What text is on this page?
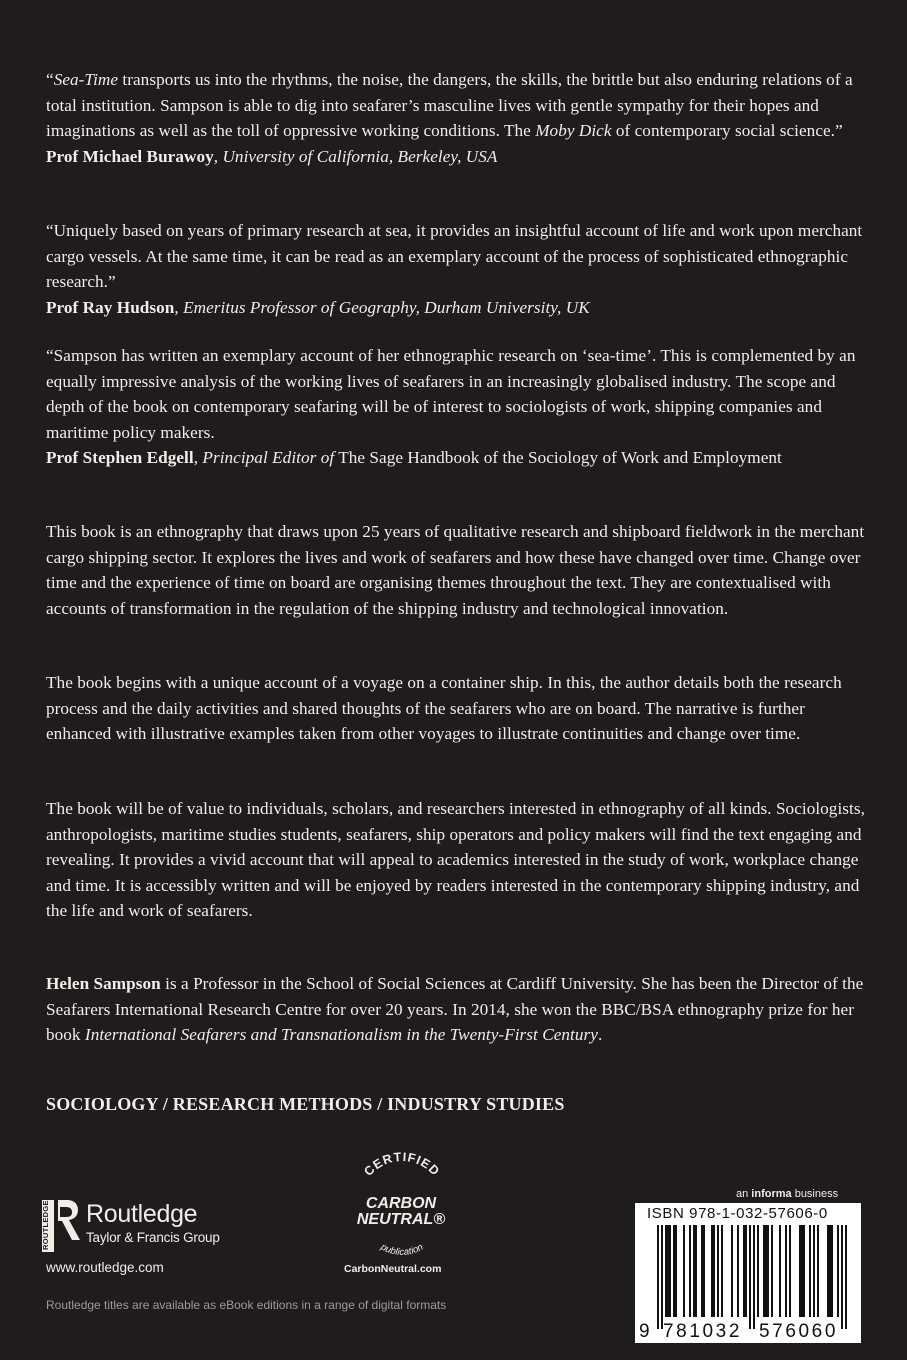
“Sea-Time transports us into the rhythms, the noise, the dangers, the skills, the brittle but also enduring relations of a total institution. Sampson is able to dig into seafarer’s masculine lives with gentle sympathy for their hopes and imaginations as well as the toll of oppressive working conditions. The Moby Dick of contemporary social science.”

Prof Michael Burawoy, University of California, Berkeley, USA

“Uniquely based on years of primary research at sea, it provides an insightful account of life and work upon merchant cargo vessels. At the same time, it can be read as an exemplary account of the process of sophisticated ethnographic research.”

Prof Ray Hudson, Emeritus Professor of Geography, Durham University, UK

“Sampson has written an exemplary account of her ethnographic research on ‘sea-time’. This is complemented by an equally impressive analysis of the working lives of seafarers in an increasingly globalised industry. The scope and depth of the book on contemporary seafaring will be of interest to sociologists of work, shipping companies and maritime policy makers.

Prof Stephen Edgell, Principal Editor of The Sage Handbook of the Sociology of Work and Employment

This book is an ethnography that draws upon 25 years of qualitative research and shipboard fieldwork in the merchant cargo shipping sector. It explores the lives and work of seafarers and how these have changed over time. Change over time and the experience of time on board are organising themes throughout the text. They are contextualised with accounts of transformation in the regulation of the shipping industry and technological innovation.

The book begins with a unique account of a voyage on a container ship. In this, the author details both the research process and the daily activities and shared thoughts of the seafarers who are on board. The narrative is further enhanced with illustrative examples taken from other voyages to illustrate continuities and change over time.

The book will be of value to individuals, scholars, and researchers interested in ethnography of all kinds. Sociologists, anthropologists, maritime studies students, seafarers, ship operators and policy makers will find the text engaging and revealing. It provides a vivid account that will appeal to academics interested in the study of work, workplace change and time. It is accessibly written and will be enjoyed by readers interested in the contemporary shipping industry, and the life and work of seafarers.

Helen Sampson is a Professor in the School of Social Sciences at Cardiff University. She has been the Director of the Seafarers International Research Centre for over 20 years. In 2014, she won the BBC/BSA ethnography prize for her book International Seafarers and Transnationalism in the Twenty-First Century.

SOCIOLOGY / RESEARCH METHODS / INDUSTRY STUDIES
ROUTLEDGE Routledge
Taylor & Francis Group
www.routledge.com
Routledge titles are available as eBook editions in a range of digital formats
CERTIFIED
CARBON
NEUTRAL®
publication
CarbonNeutral.com
an informa business
ISBN 978-1-032-57606-0
9 781032 576060
